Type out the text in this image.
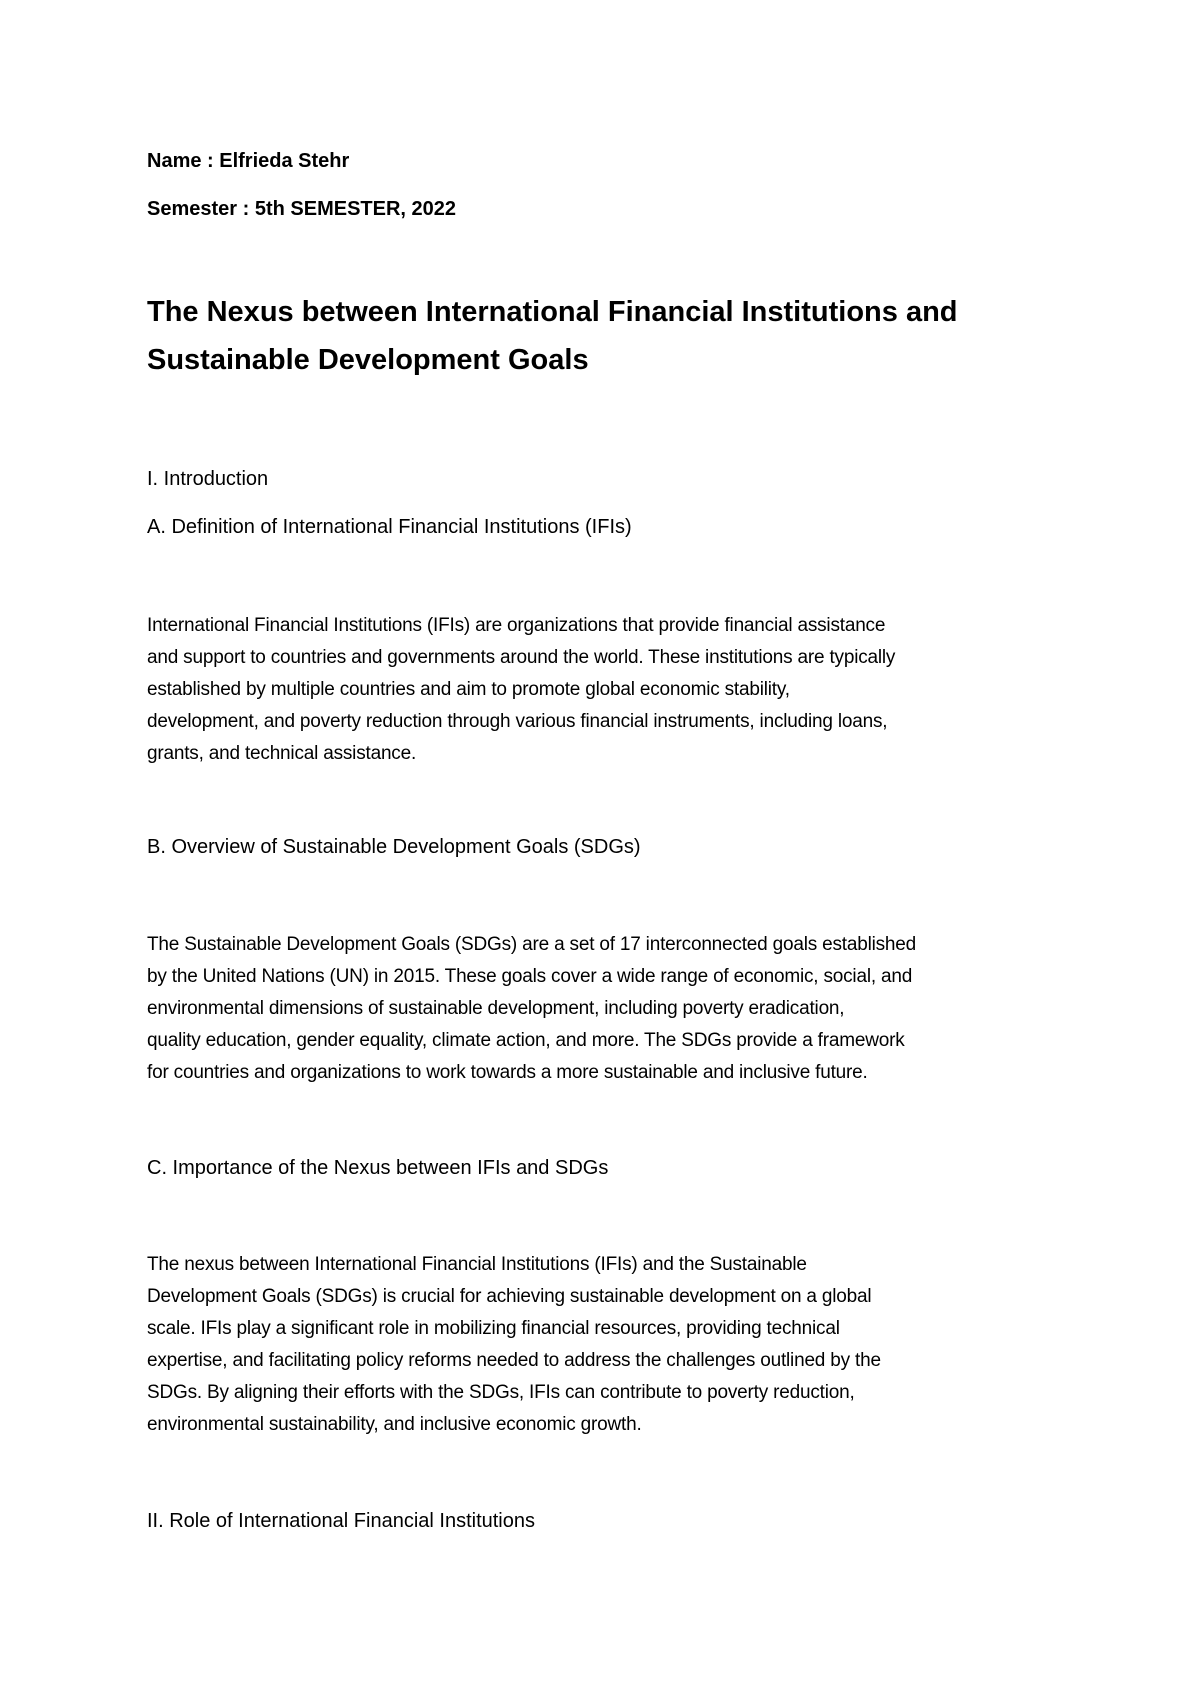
Name : Elfrieda Stehr
Semester : 5th SEMESTER, 2022
The Nexus between International Financial Institutions and
Sustainable Development Goals
I. Introduction
A. Definition of International Financial Institutions (IFIs)
International Financial Institutions (IFIs) are organizations that provide financial assistance
and support to countries and governments around the world. These institutions are typically
established by multiple countries and aim to promote global economic stability,
development, and poverty reduction through various financial instruments, including loans,
grants, and technical assistance.
B. Overview of Sustainable Development Goals (SDGs)
The Sustainable Development Goals (SDGs) are a set of 17 interconnected goals established
by the United Nations (UN) in 2015. These goals cover a wide range of economic, social, and
environmental dimensions of sustainable development, including poverty eradication,
quality education, gender equality, climate action, and more. The SDGs provide a framework
for countries and organizations to work towards a more sustainable and inclusive future.
C. Importance of the Nexus between IFIs and SDGs
The nexus between International Financial Institutions (IFIs) and the Sustainable
Development Goals (SDGs) is crucial for achieving sustainable development on a global
scale. IFIs play a significant role in mobilizing financial resources, providing technical
expertise, and facilitating policy reforms needed to address the challenges outlined by the
SDGs. By aligning their efforts with the SDGs, IFIs can contribute to poverty reduction,
environmental sustainability, and inclusive economic growth.
II. Role of International Financial Institutions
